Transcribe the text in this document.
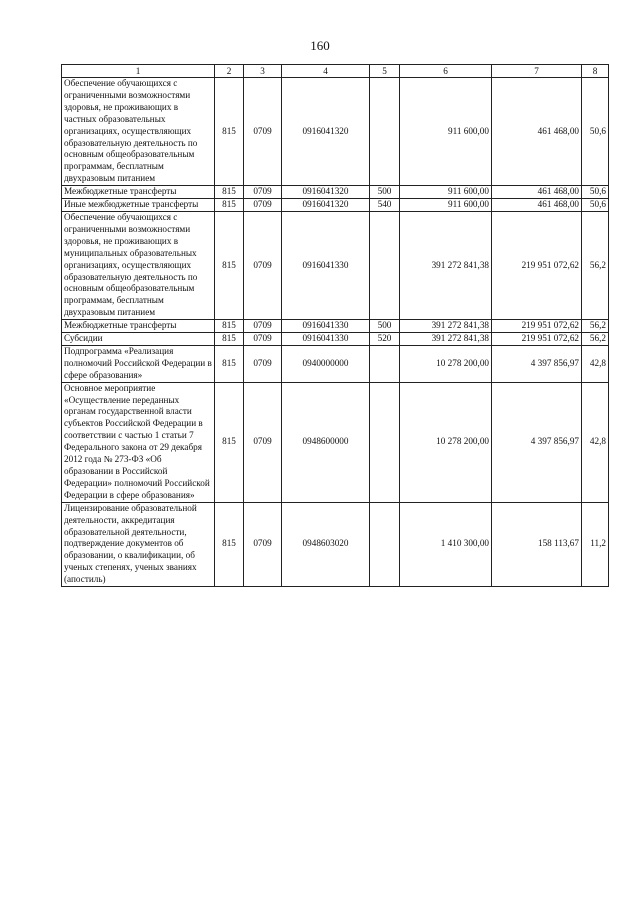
160
1	2	3	4	5	6	7	8
Обеспечение обучающихся с ограниченными возможностями здоровья, не проживающих в частных образовательных организациях, осуществляющих образовательную деятельность по основным общеобразовательным программам, бесплатным двухразовым питанием	815	0709	0916041320		911 600,00	461 468,00	50,6
Межбюджетные трансферты	815	0709	0916041320	500	911 600,00	461 468,00	50,6
Иные межбюджетные трансферты	815	0709	0916041320	540	911 600,00	461 468,00	50,6
Обеспечение обучающихся с ограниченными возможностями здоровья, не проживающих в муниципальных образовательных организациях, осуществляющих образовательную деятельность по основным общеобразовательным программам, бесплатным двухразовым питанием	815	0709	0916041330		391 272 841,38	219 951 072,62	56,2
Межбюджетные трансферты	815	0709	0916041330	500	391 272 841,38	219 951 072,62	56,2
Субсидии	815	0709	0916041330	520	391 272 841,38	219 951 072,62	56,2
Подпрограмма «Реализация полномочий Российской Федерации в сфере образования»	815	0709	0940000000		10 278 200,00	4 397 856,97	42,8
Основное мероприятие «Осуществление переданных органам государственной власти субъектов Российской Федерации в соответствии с частью 1 статьи 7 Федерального закона от 29 декабря 2012 года № 273-ФЗ «Об образовании в Российской Федерации» полномочий Российской Федерации в сфере образования»	815	0709	0948600000		10 278 200,00	4 397 856,97	42,8
Лицензирование образовательной деятельности, аккредитация образовательной деятельности, подтверждение документов об образовании, о квалификации, об ученых степенях, ученых званиях (апостиль)	815	0709	0948603020		1 410 300,00	158 113,67	11,2
